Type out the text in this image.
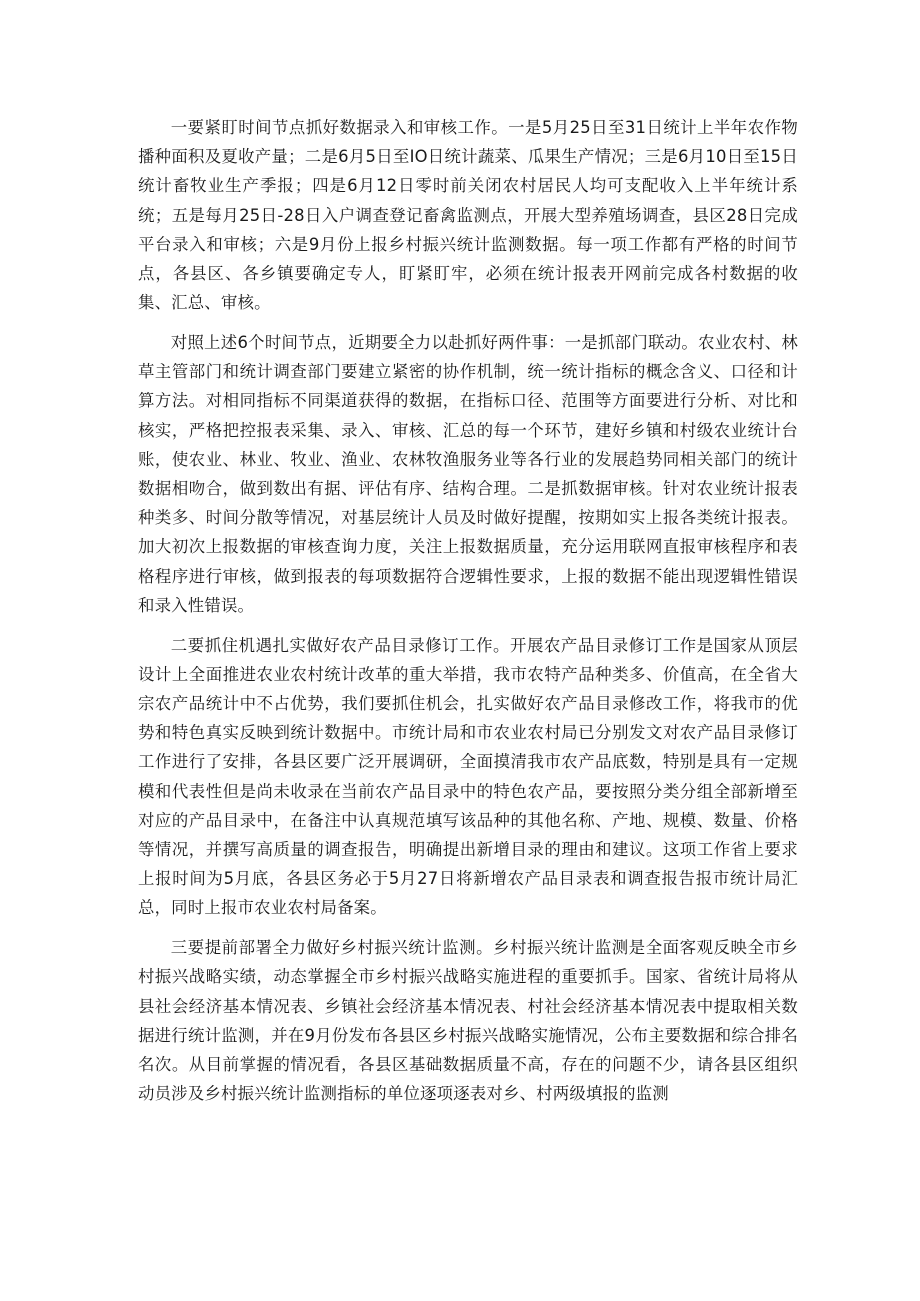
一要紧盯时间节点抓好数据录入和审核工作。一是5月25日至31日统计上半年农作物播种面积及夏收产量；二是6月5日至IO日统计蔬菜、瓜果生产情况；三是6月10日至15日统计畜牧业生产季报；四是6月12日零时前关闭农村居民人均可支配收入上半年统计系统；五是每月25日-28日入户调查登记畜禽监测点，开展大型养殖场调查，县区28日完成平台录入和审核；六是9月份上报乡村振兴统计监测数据。每一项工作都有严格的时间节点，各县区、各乡镇要确定专人，盯紧盯牢，必须在统计报表开网前完成各村数据的收集、汇总、审核。

对照上述6个时间节点，近期要全力以赴抓好两件事：一是抓部门联动。农业农村、林草主管部门和统计调查部门要建立紧密的协作机制，统一统计指标的概念含义、口径和计算方法。对相同指标不同渠道获得的数据，在指标口径、范围等方面要进行分析、对比和核实，严格把控报表采集、录入、审核、汇总的每一个环节，建好乡镇和村级农业统计台账，使农业、林业、牧业、渔业、农林牧渔服务业等各行业的发展趋势同相关部门的统计数据相吻合，做到数出有据、评估有序、结构合理。二是抓数据审核。针对农业统计报表种类多、时间分散等情况，对基层统计人员及时做好提醒，按期如实上报各类统计报表。加大初次上报数据的审核查询力度，关注上报数据质量，充分运用联网直报审核程序和表格程序进行审核，做到报表的每项数据符合逻辑性要求，上报的数据不能出现逻辑性错误和录入性错误。

二要抓住机遇扎实做好农产品目录修订工作。开展农产品目录修订工作是国家从顶层设计上全面推进农业农村统计改革的重大举措，我市农特产品种类多、价值高，在全省大宗农产品统计中不占优势，我们要抓住机会，扎实做好农产品目录修改工作，将我市的优势和特色真实反映到统计数据中。市统计局和市农业农村局已分别发文对农产品目录修订工作进行了安排，各县区要广泛开展调研，全面摸清我市农产品底数，特别是具有一定规模和代表性但是尚未收录在当前农产品目录中的特色农产品，要按照分类分组全部新增至对应的产品目录中，在备注中认真规范填写该品种的其他名称、产地、规模、数量、价格等情况，并撰写高质量的调查报告，明确提出新增目录的理由和建议。这项工作省上要求上报时间为5月底，各县区务必于5月27日将新增农产品目录表和调查报告报市统计局汇总，同时上报市农业农村局备案。

三要提前部署全力做好乡村振兴统计监测。乡村振兴统计监测是全面客观反映全市乡村振兴战略实绩，动态掌握全市乡村振兴战略实施进程的重要抓手。国家、省统计局将从县社会经济基本情况表、乡镇社会经济基本情况表、村社会经济基本情况表中提取相关数据进行统计监测，并在9月份发布各县区乡村振兴战略实施情况，公布主要数据和综合排名名次。从目前掌握的情况看，各县区基础数据质量不高，存在的问题不少，请各县区组织动员涉及乡村振兴统计监测指标的单位逐项逐表对乡、村两级填报的监测
